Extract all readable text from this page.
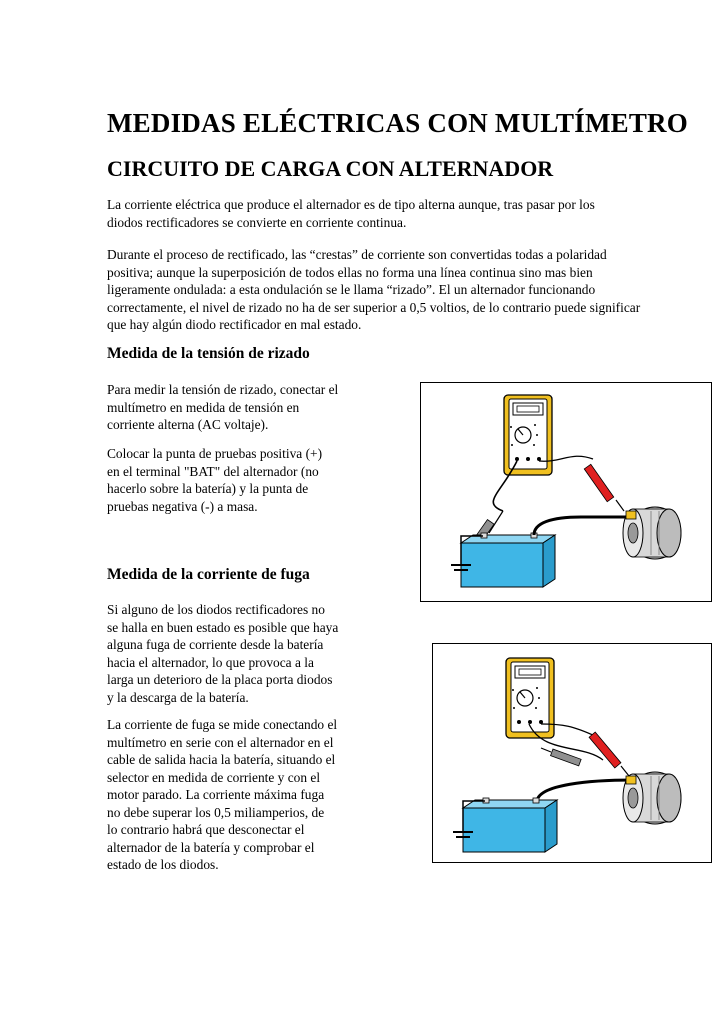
MEDIDAS ELÉCTRICAS CON MULTÍMETRO
CIRCUITO DE CARGA CON ALTERNADOR

La corriente eléctrica que produce el alternador es de tipo alterna aunque, tras pasar por los

diodos rectificadores se convierte en corriente continua.

Durante el proceso de rectificado, las “crestas” de corriente son convertidas todas a polaridad

positiva; aunque la superposición de todos ellas no forma una línea continua sino mas bien

ligeramente ondulada: a esta ondulación se le llama “rizado”. El un alternador funcionando

correctamente, el nivel de rizado no ha de ser superior a 0,5 voltios, de lo contrario puede significar

que hay algún diodo rectificador en mal estado.

Medida de la tensión de rizado

Para medir la tensión de rizado, conectar el

multímetro en medida de tensión en

corriente alterna (AC voltaje).

Colocar la punta de pruebas positiva (+)

en el terminal "BAT" del alternador (no

hacerlo sobre la batería) y la punta de

pruebas negativa (-) a masa.

Medida de la corriente de fuga

Si alguno de los diodos rectificadores no

se halla en buen estado es posible que haya

alguna fuga de corriente desde la batería

hacia el alternador, lo que provoca a la

larga un deterioro de la placa porta diodos

y la descarga de la batería.

La corriente de fuga se mide conectando el

multímetro en serie con el alternador en el

cable de salida hacia la batería, situando el

selector en medida de corriente y con el

motor parado. La corriente máxima fuga

no debe superar los 0,5 miliamperios, de

lo contrario habrá que desconectar el

alternador de la batería y comprobar el

estado de los diodos.
